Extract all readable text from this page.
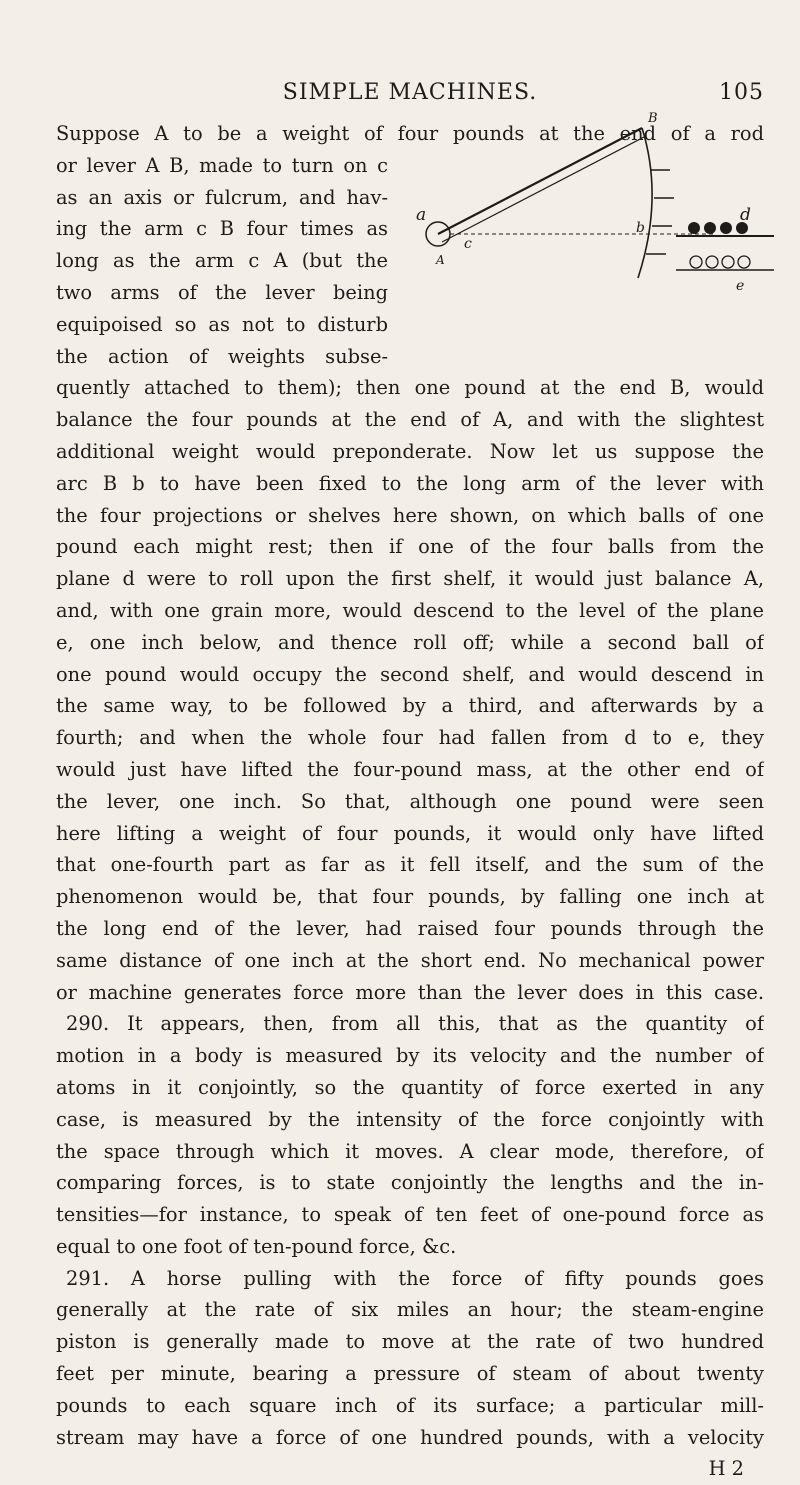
SIMPLE MACHINES.	105
B
a
c
A
b
d
e
Suppose A to be a weight of four pounds at the end of a rod
or lever A B, made to turn on c
as an axis or fulcrum, and hav-
ing the arm c B four times as
long as the arm c A (but the
two arms of the lever being
equipoised so as not to disturb
the action of weights subse-
quently attached to them); then one pound at the end B, would
balance the four pounds at the end of A, and with the slightest
additional weight would preponderate. Now let us suppose the
arc B b to have been fixed to the long arm of the lever with
the four projections or shelves here shown, on which balls of one
pound each might rest; then if one of the four balls from the
plane d were to roll upon the first shelf, it would just balance A,
and, with one grain more, would descend to the level of the plane
e, one inch below, and thence roll off; while a second ball of
one pound would occupy the second shelf, and would descend in
the same way, to be followed by a third, and afterwards by a
fourth; and when the whole four had fallen from d to e, they
would just have lifted the four-pound mass, at the other end of
the lever, one inch. So that, although one pound were seen
here lifting a weight of four pounds, it would only have lifted
that one-fourth part as far as it fell itself, and the sum of the
phenomenon would be, that four pounds, by falling one inch at
the long end of the lever, had raised four pounds through the
same distance of one inch at the short end. No mechanical power
or machine generates force more than the lever does in this case.
290. It appears, then, from all this, that as the quantity of
motion in a body is measured by its velocity and the number of
atoms in it conjointly, so the quantity of force exerted in any
case, is measured by the intensity of the force conjointly with
the space through which it moves. A clear mode, therefore, of
comparing forces, is to state conjointly the lengths and the in-
tensities—for instance, to speak of ten feet of one-pound force as
equal to one foot of ten-pound force, &c.
291. A horse pulling with the force of fifty pounds goes
generally at the rate of six miles an hour; the steam-engine
piston is generally made to move at the rate of two hundred
feet per minute, bearing a pressure of steam of about twenty
pounds to each square inch of its surface; a particular mill-
stream may have a force of one hundred pounds, with a velocity
H 2
